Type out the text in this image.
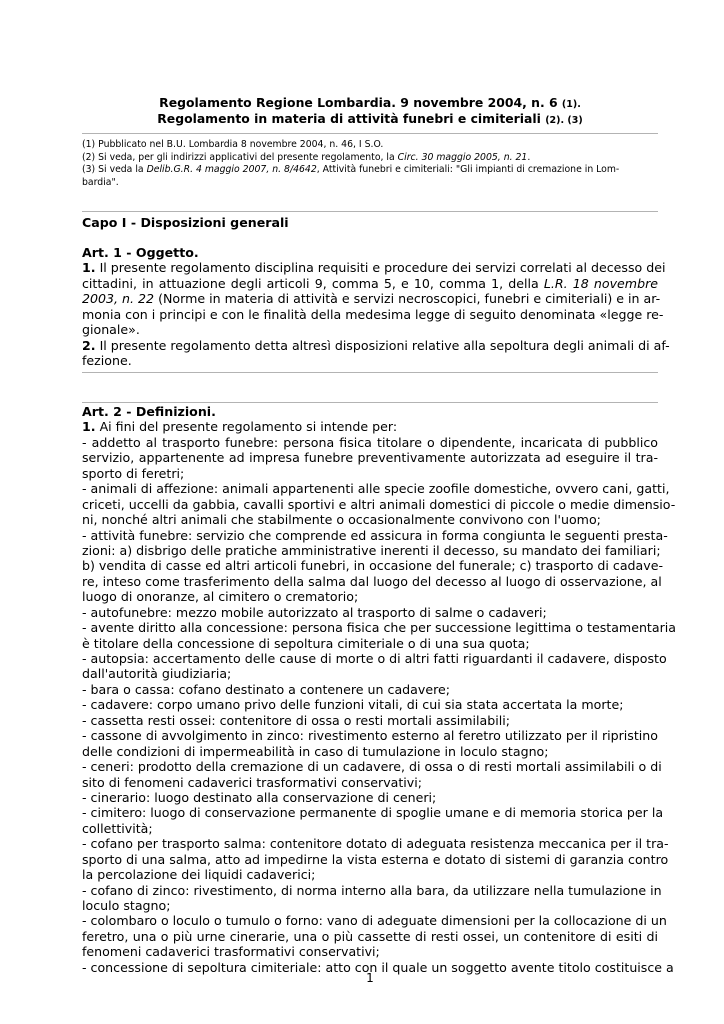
Regolamento Regione Lombardia. 9 novembre 2004, n. 6 (1).
Regolamento in materia di attività funebri e cimiteriali (2). (3)
(1) Pubblicato nel B.U. Lombardia 8 novembre 2004, n. 46, I S.O.
(2) Si veda, per gli indirizzi applicativi del presente regolamento, la Circ. 30 maggio 2005, n. 21.
(3) Si veda la Delib.G.R. 4 maggio 2007, n. 8/4642, Attività funebri e cimiteriali: "Gli impianti di cremazione in Lom-
bardia".
Capo I - Disposizioni generali
Art. 1 - Oggetto.
1. Il presente regolamento disciplina requisiti e procedure dei servizi correlati al decesso dei
cittadini, in attuazione degli articoli 9, comma 5, e 10, comma 1, della L.R. 18 novembre
2003, n. 22 (Norme in materia di attività e servizi necroscopici, funebri e cimiteriali) e in ar-
monia con i principi e con le finalità della medesima legge di seguito denominata «legge re-
gionale».
2. Il presente regolamento detta altresì disposizioni relative alla sepoltura degli animali di af-
fezione.
Art. 2 - Definizioni.
1. Ai fini del presente regolamento si intende per:
- addetto al trasporto funebre: persona fisica titolare o dipendente, incaricata di pubblico
servizio, appartenente ad impresa funebre preventivamente autorizzata ad eseguire il tra-
sporto di feretri;
- animali di affezione: animali appartenenti alle specie zoofile domestiche, ovvero cani, gatti,
criceti, uccelli da gabbia, cavalli sportivi e altri animali domestici di piccole o medie dimensio-
ni, nonché altri animali che stabilmente o occasionalmente convivono con l'uomo;
- attività funebre: servizio che comprende ed assicura in forma congiunta le seguenti presta-
zioni: a) disbrigo delle pratiche amministrative inerenti il decesso, su mandato dei familiari;
b) vendita di casse ed altri articoli funebri, in occasione del funerale; c) trasporto di cadave-
re, inteso come trasferimento della salma dal luogo del decesso al luogo di osservazione, al
luogo di onoranze, al cimitero o crematorio;
- autofunebre: mezzo mobile autorizzato al trasporto di salme o cadaveri;
- avente diritto alla concessione: persona fisica che per successione legittima o testamentaria
è titolare della concessione di sepoltura cimiteriale o di una sua quota;
- autopsia: accertamento delle cause di morte o di altri fatti riguardanti il cadavere, disposto
dall'autorità giudiziaria;
- bara o cassa: cofano destinato a contenere un cadavere;
- cadavere: corpo umano privo delle funzioni vitali, di cui sia stata accertata la morte;
- cassetta resti ossei: contenitore di ossa o resti mortali assimilabili;
- cassone di avvolgimento in zinco: rivestimento esterno al feretro utilizzato per il ripristino
delle condizioni di impermeabilità in caso di tumulazione in loculo stagno;
- ceneri: prodotto della cremazione di un cadavere, di ossa o di resti mortali assimilabili o di
sito di fenomeni cadaverici trasformativi conservativi;
- cinerario: luogo destinato alla conservazione di ceneri;
- cimitero: luogo di conservazione permanente di spoglie umane e di memoria storica per la
collettività;
- cofano per trasporto salma: contenitore dotato di adeguata resistenza meccanica per il tra-
sporto di una salma, atto ad impedirne la vista esterna e dotato di sistemi di garanzia contro
la percolazione dei liquidi cadaverici;
- cofano di zinco: rivestimento, di norma interno alla bara, da utilizzare nella tumulazione in
loculo stagno;
- colombaro o loculo o tumulo o forno: vano di adeguate dimensioni per la collocazione di un
feretro, una o più urne cinerarie, una o più cassette di resti ossei, un contenitore di esiti di
fenomeni cadaverici trasformativi conservativi;
- concessione di sepoltura cimiteriale: atto con il quale un soggetto avente titolo costituisce a
1
